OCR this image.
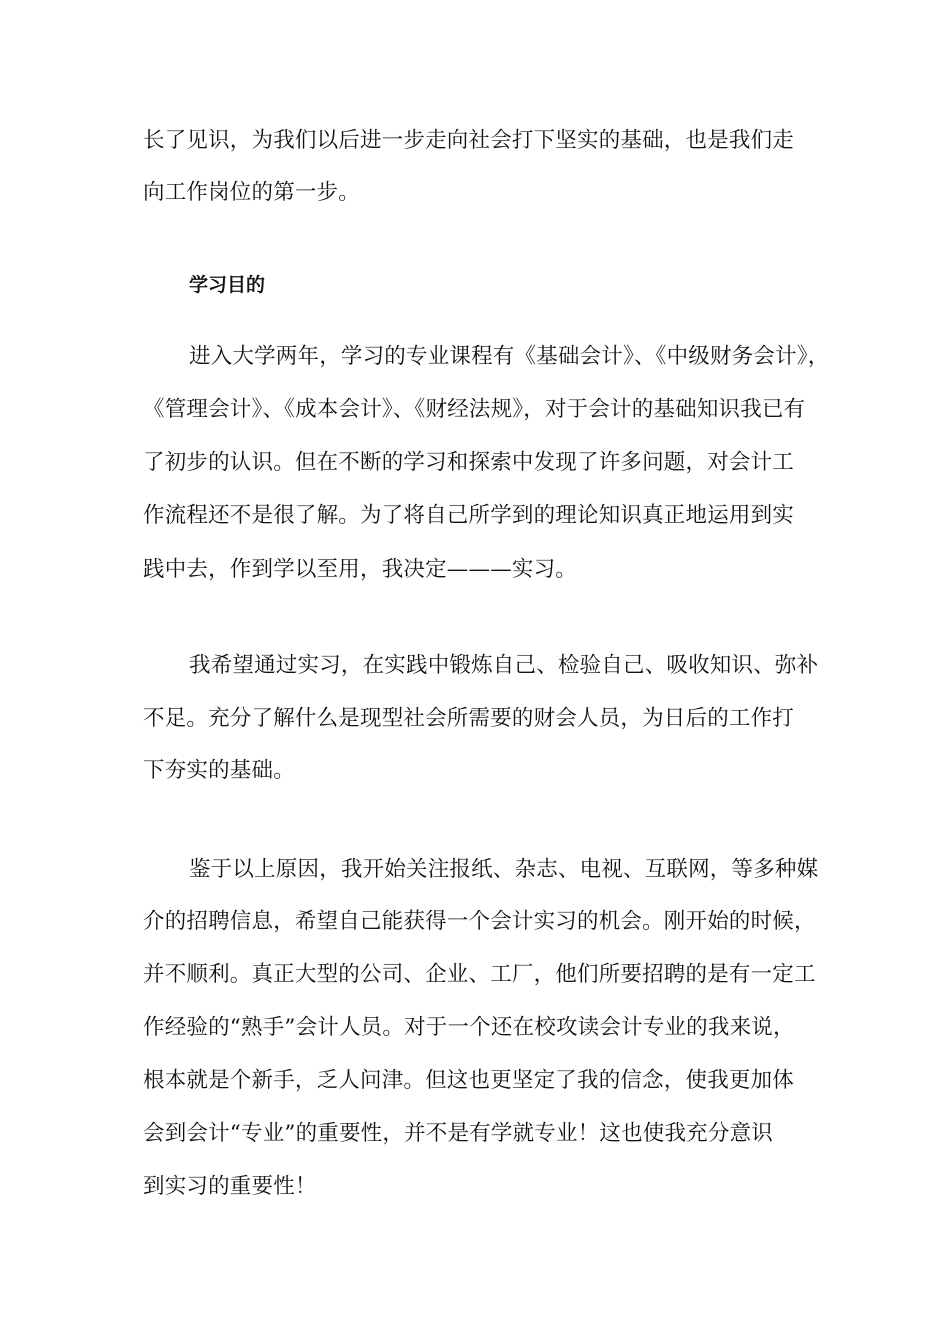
长了见识，为我们以后进一步走向社会打下坚实的基础，也是我们走
向工作岗位的第一步。
学习目的
进入大学两年，学习的专业课程有《基础会计》、《中级财务会计》，
《管理会计》、《成本会计》、《财经法规》，对于会计的基础知识我已有
了初步的认识。但在不断的学习和探索中发现了许多问题，对会计工
作流程还不是很了解。为了将自己所学到的理论知识真正地运用到实
践中去，作到学以至用，我决定———实习。
我希望通过实习，在实践中锻炼自己、检验自己、吸收知识、弥补
不足。充分了解什么是现型社会所需要的财会人员，为日后的工作打
下夯实的基础。
鉴于以上原因，我开始关注报纸、杂志、电视、互联网，等多种媒
介的招聘信息，希望自己能获得一个会计实习的机会。刚开始的时候，
并不顺利。真正大型的公司、企业、工厂，他们所要招聘的是有一定工
作经验的“熟手”会计人员。对于一个还在校攻读会计专业的我来说，
根本就是个新手，乏人问津。但这也更坚定了我的信念，使我更加体
会到会计“专业”的重要性，并不是有学就专业！这也使我充分意识
到实习的重要性！
